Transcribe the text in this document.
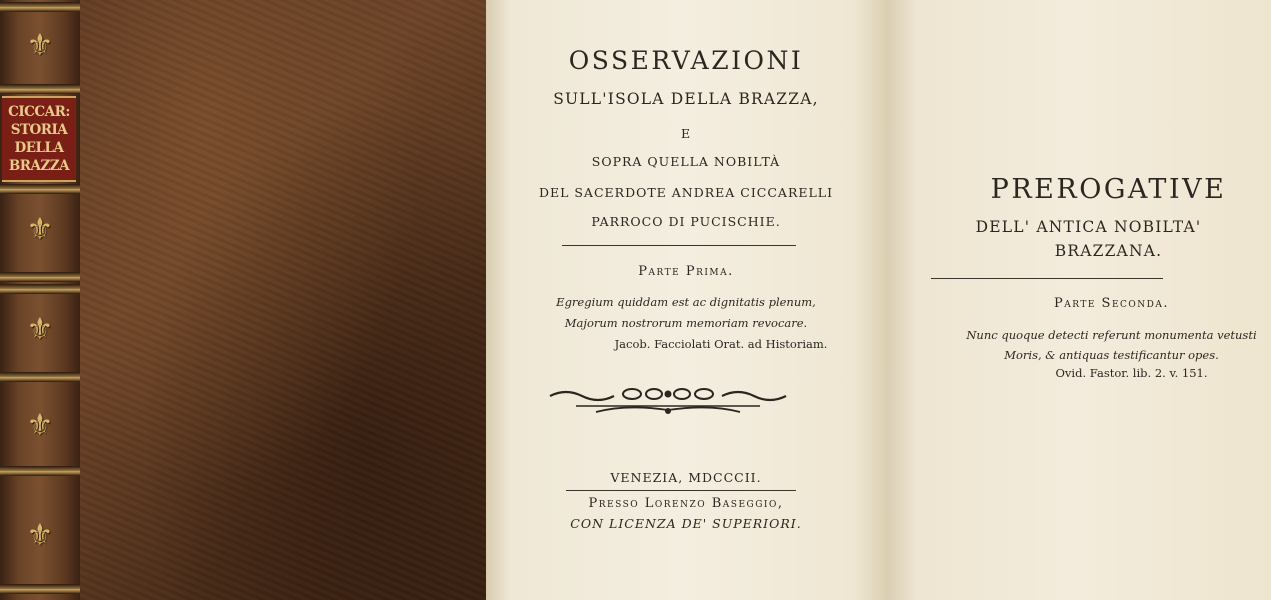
⚜
CICCAR:
STORIA
DELLA
BRAZZA
⚜
⚜
⚜
⚜
OSSERVAZIONI
SULL'ISOLA DELLA BRAZZA,
E
SOPRA QUELLA NOBILTÀ
DEL SACERDOTE ANDREA CICCARELLI
PARROCO DI PUCISCHIE.
Parte Prima.
Egregium quiddam est ac dignitatis plenum,
Majorum nostrorum memoriam revocare.
Jacob. Facciolati Orat. ad Historiam.
VENEZIA, MDCCCII.
Presso Lorenzo Baseggio,
CON LICENZA DE' SUPERIORI.
PREROGATIVE
DELL' ANTICA NOBILTA'
BRAZZANA.
Parte Seconda.
Nunc quoque detecti referunt monumenta vetusti
Moris, & antiquas testificantur opes.
Ovid. Fastor. lib. 2. v. 151.
